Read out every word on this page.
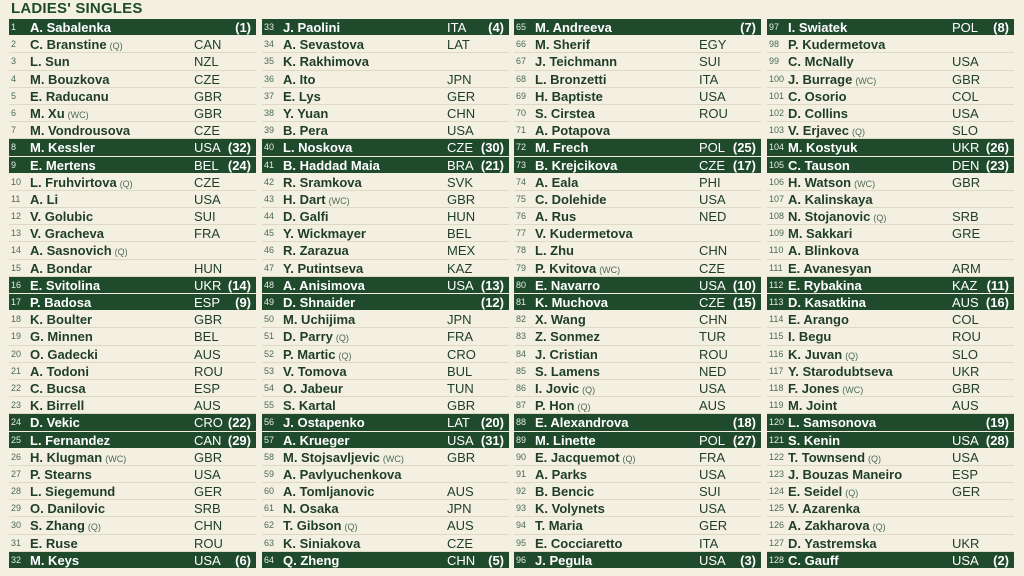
LADIES' SINGLES
1 A. Sabalenka	(1)
2 C. Branstine (Q)	CAN
3 L. Sun	NZL
4 M. Bouzkova	CZE
5 E. Raducanu	GBR
6 M. Xu (WC)	GBR
7 M. Vondrousova	CZE
8 M. Kessler	USA (32)
9 E. Mertens	BEL (24)
10 L. Fruhvirtova (Q)	CZE
11 A. Li	USA
12 V. Golubic	SUI
13 V. Gracheva	FRA
14 A. Sasnovich (Q)
15 A. Bondar	HUN
16 E. Svitolina	UKR (14)
17 P. Badosa	ESP (9)
18 K. Boulter	GBR
19 G. Minnen	BEL
20 O. Gadecki	AUS
21 A. Todoni	ROU
22 C. Bucsa	ESP
23 K. Birrell	AUS
24 D. Vekic	CRO (22)
25 L. Fernandez	CAN (29)
26 H. Klugman (WC)	GBR
27 P. Stearns	USA
28 L. Siegemund	GER
29 O. Danilovic	SRB
30 S. Zhang (Q)	CHN
31 E. Ruse	ROU
32 M. Keys	USA (6)
33 J. Paolini	ITA (4)
34 A. Sevastova	LAT
35 K. Rakhimova
36 A. Ito	JPN
37 E. Lys	GER
38 Y. Yuan	CHN
39 B. Pera	USA
40 L. Noskova	CZE (30)
41 B. Haddad Maia	BRA (21)
42 R. Sramkova	SVK
43 H. Dart (WC)	GBR
44 D. Galfi	HUN
45 Y. Wickmayer	BEL
46 R. Zarazua	MEX
47 Y. Putintseva	KAZ
48 A. Anisimova	USA (13)
49 D. Shnaider	(12)
50 M. Uchijima	JPN
51 D. Parry (Q)	FRA
52 P. Martic (Q)	CRO
53 V. Tomova	BUL
54 O. Jabeur	TUN
55 S. Kartal	GBR
56 J. Ostapenko	LAT (20)
57 A. Krueger	USA (31)
58 M. Stojsavljevic (WC)	GBR
59 A. Pavlyuchenkova
60 A. Tomljanovic	AUS
61 N. Osaka	JPN
62 T. Gibson (Q)	AUS
63 K. Siniakova	CZE
64 Q. Zheng	CHN (5)
65 M. Andreeva	(7)
66 M. Sherif	EGY
67 J. Teichmann	SUI
68 L. Bronzetti	ITA
69 H. Baptiste	USA
70 S. Cirstea	ROU
71 A. Potapova
72 M. Frech	POL (25)
73 B. Krejcikova	CZE (17)
74 A. Eala	PHI
75 C. Dolehide	USA
76 A. Rus	NED
77 V. Kudermetova
78 L. Zhu	CHN
79 P. Kvitova (WC)	CZE
80 E. Navarro	USA (10)
81 K. Muchova	CZE (15)
82 X. Wang	CHN
83 Z. Sonmez	TUR
84 J. Cristian	ROU
85 S. Lamens	NED
86 I. Jovic (Q)	USA
87 P. Hon (Q)	AUS
88 E. Alexandrova	(18)
89 M. Linette	POL (27)
90 E. Jacquemot (Q)	FRA
91 A. Parks	USA
92 B. Bencic	SUI
93 K. Volynets	USA
94 T. Maria	GER
95 E. Cocciaretto	ITA
96 J. Pegula	USA (3)
97 I. Swiatek	POL (8)
98 P. Kudermetova
99 C. McNally	USA
100 J. Burrage (WC)	GBR
101 C. Osorio	COL
102 D. Collins	USA
103 V. Erjavec (Q)	SLO
104 M. Kostyuk	UKR (26)
105 C. Tauson	DEN (23)
106 H. Watson (WC)	GBR
107 A. Kalinskaya
108 N. Stojanovic (Q)	SRB
109 M. Sakkari	GRE
110 A. Blinkova
111 E. Avanesyan	ARM
112 E. Rybakina	KAZ (11)
113 D. Kasatkina	AUS (16)
114 E. Arango	COL
115 I. Begu	ROU
116 K. Juvan (Q)	SLO
117 Y. Starodubtseva	UKR
118 F. Jones (WC)	GBR
119 M. Joint	AUS
120 L. Samsonova	(19)
121 S. Kenin	USA (28)
122 T. Townsend (Q)	USA
123 J. Bouzas Maneiro	ESP
124 E. Seidel (Q)	GER
125 V. Azarenka
126 A. Zakharova (Q)
127 D. Yastremska	UKR
128 C. Gauff	USA (2)
